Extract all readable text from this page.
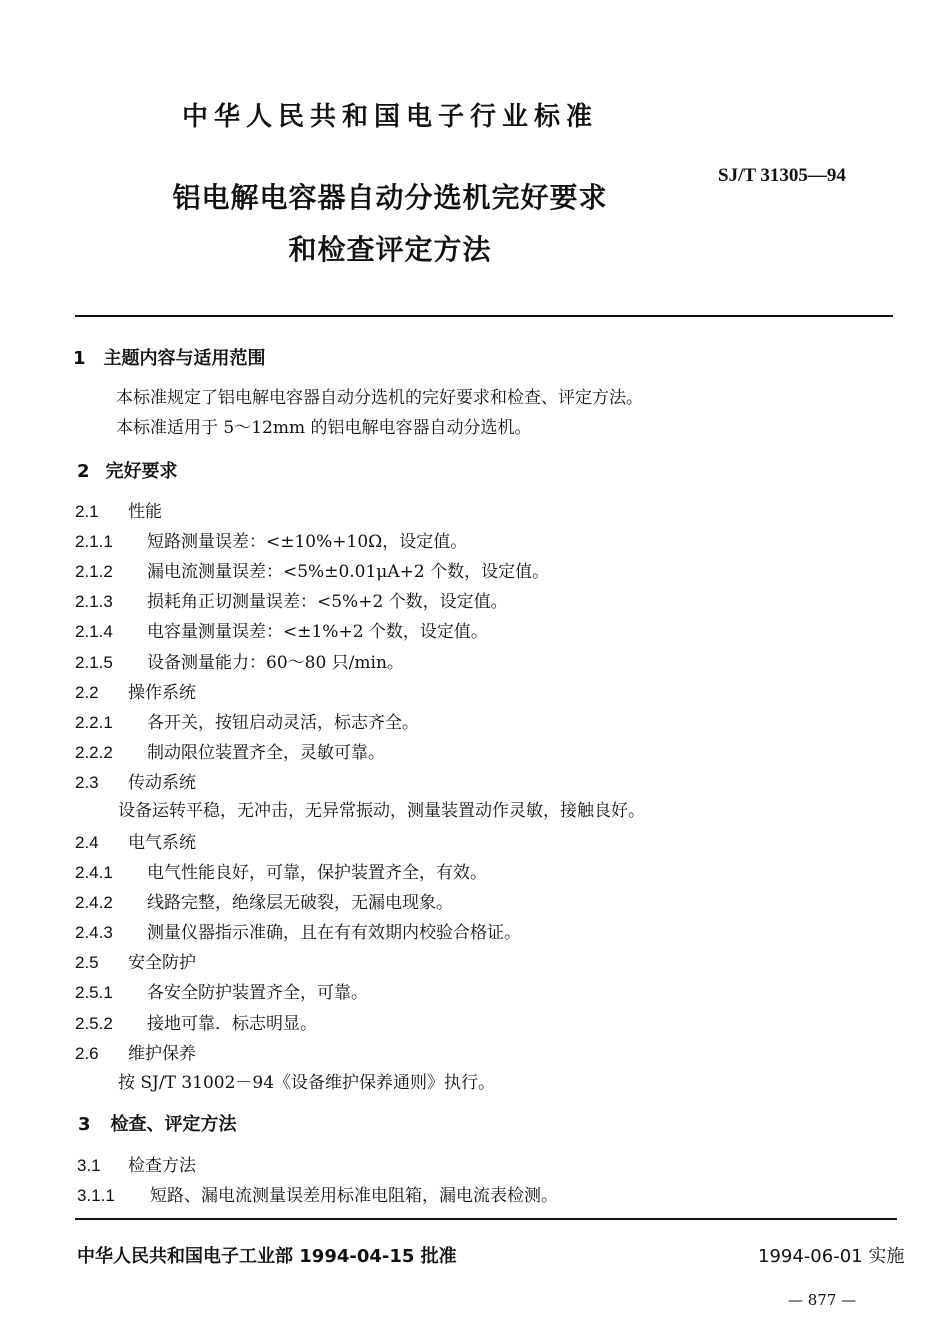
中华人民共和国电子行业标准
SJ/T 31305—94
铝电解电容器自动分选机完好要求
和检查评定方法
1 主题内容与适用范围
本标准规定了铝电解电容器自动分选机的完好要求和检查、评定方法。
本标准适用于 5～12mm 的铝电解电容器自动分选机。
2 完好要求
2.1 性能
2.1.1 短路测量误差：<±10%+10Ω，设定值。
2.1.2 漏电流测量误差：<5%±0.01μA+2 个数，设定值。
2.1.3 损耗角正切测量误差：<5%+2 个数，设定值。
2.1.4 电容量测量误差：<±1%+2 个数，设定值。
2.1.5 设备测量能力：60～80 只/min。
2.2 操作系统
2.2.1 各开关，按钮启动灵活，标志齐全。
2.2.2 制动限位装置齐全，灵敏可靠。
2.3 传动系统
设备运转平稳，无冲击，无异常振动，测量装置动作灵敏，接触良好。
2.4 电气系统
2.4.1 电气性能良好，可靠，保护装置齐全，有效。
2.4.2 线路完整，绝缘层无破裂，无漏电现象。
2.4.3 测量仪器指示准确，且在有有效期内校验合格证。
2.5 安全防护
2.5.1 各安全防护装置齐全，可靠。
2.5.2 接地可靠．标志明显。
2.6 维护保养
按 SJ/T 31002－94《设备维护保养通则》执行。
3 检查、评定方法
3.1 检查方法
3.1.1 短路、漏电流测量误差用标准电阻箱，漏电流表检测。
中华人民共和国电子工业部 1994-04-15 批准	1994-06-01 实施
— 877 —
